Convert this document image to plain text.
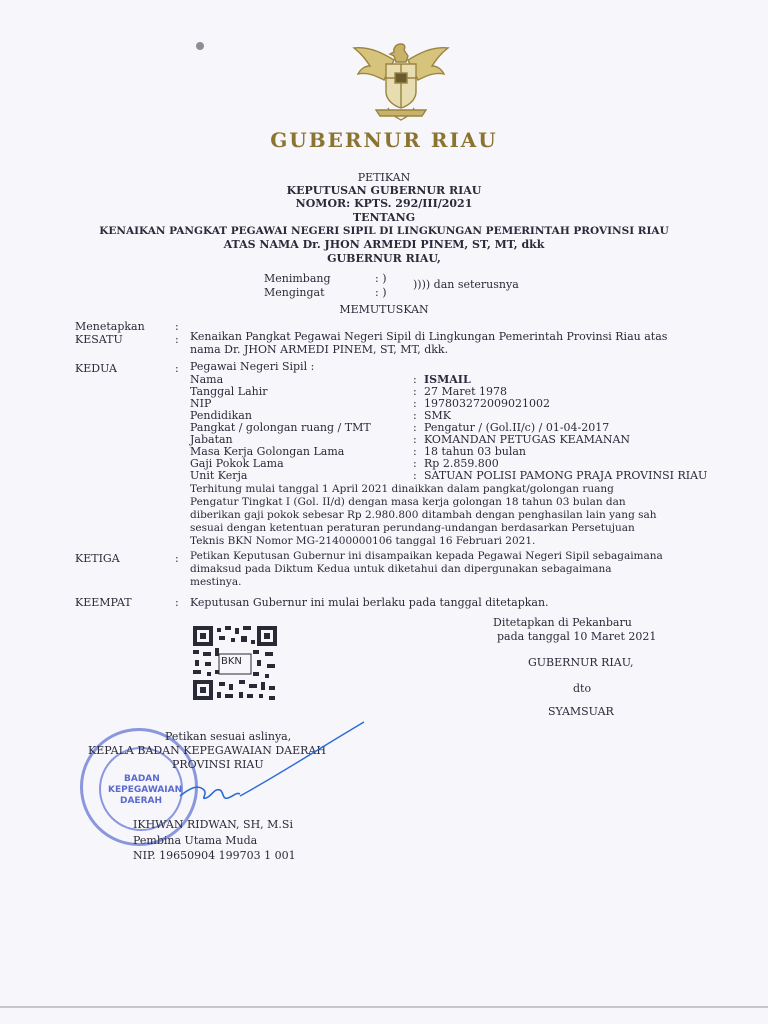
GUBERNUR RIAU
PETIKAN
KEPUTUSAN GUBERNUR RIAU
NOMOR: KPTS. 292/III/2021
TENTANG
KENAIKAN PANGKAT PEGAWAI NEGERI SIPIL DI LINGKUNGAN PEMERINTAH PROVINSI RIAU
ATAS NAMA Dr. JHON ARMEDI PINEM, ST, MT, dkk
GUBERNUR RIAU,
Menimbang	: )
Mengingat	: )
)))) dan seterusnya
MEMUTUSKAN
Menetapkan	:
KESATU	: Kenaikan Pangkat Pegawai Negeri Sipil di Lingkungan Pemerintah Provinsi Riau atas
nama Dr. JHON ARMEDI PINEM, ST, MT, dkk.
KEDUA	: Pegawai Negeri Sipil :
Nama	: ISMAIL
Tanggal Lahir	: 27 Maret 1978
NIP	: 197803272009021002
Pendidikan	: SMK
Pangkat / golongan ruang / TMT	: Pengatur / (Gol.II/c) / 01-04-2017
Jabatan	: KOMANDAN PETUGAS KEAMANAN
Masa Kerja Golongan Lama	: 18 tahun 03 bulan
Gaji Pokok Lama	: Rp 2.859.800
Unit Kerja	: SATUAN POLISI PAMONG PRAJA PROVINSI RIAU
Terhitung mulai tanggal 1 April 2021 dinaikkan dalam pangkat/golongan ruang
Pengatur Tingkat I (Gol. II/d) dengan masa kerja golongan 18 tahun 03 bulan dan
diberikan gaji pokok sebesar Rp 2.980.800 ditambah dengan penghasilan lain yang sah
sesuai dengan ketentuan peraturan perundang-undangan berdasarkan Persetujuan
Teknis BKN Nomor MG-21400000106 tanggal 16 Februari 2021.
KETIGA	: Petikan Keputusan Gubernur ini disampaikan kepada Pegawai Negeri Sipil sebagaimana
dimaksud pada Diktum Kedua untuk diketahui dan dipergunakan sebagaimana
mestinya.
KEEMPAT	: Keputusan Gubernur ini mulai berlaku pada tanggal ditetapkan.
Ditetapkan di Pekanbaru
pada tanggal 10 Maret 2021
GUBERNUR RIAU,
dto
SYAMSUAR
BKN
BADAN
KEPEGAWAIAN
DAERAH
Petikan sesuai aslinya,
KEPALA BADAN KEPEGAWAIAN DAERAH
PROVINSI RIAU
IKHWAN RIDWAN, SH, M.Si
Pembina Utama Muda
NIP. 19650904 199703 1 001
